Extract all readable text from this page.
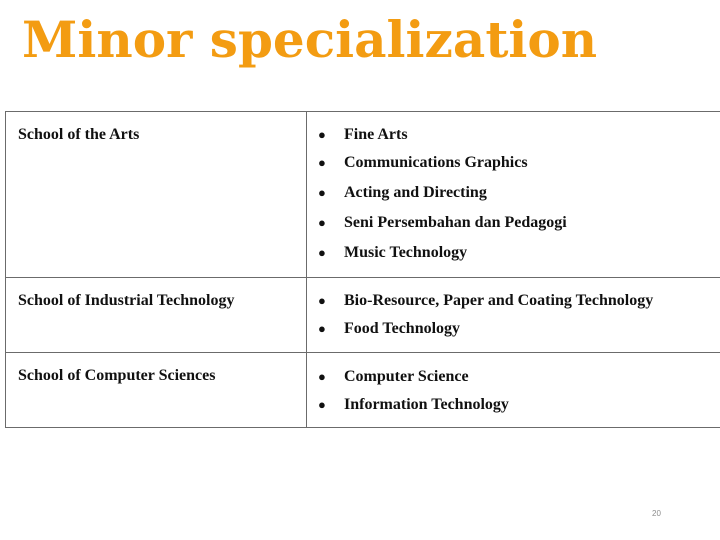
Minor specialization
School of the Arts	● Fine Arts
● Communications Graphics
● Acting and Directing
● Seni Persembahan dan Pedagogi
● Music Technology
School of Industrial Technology	● Bio-Resource, Paper and Coating Technology
● Food Technology
School of Computer Sciences	● Computer Science
● Information Technology
20
